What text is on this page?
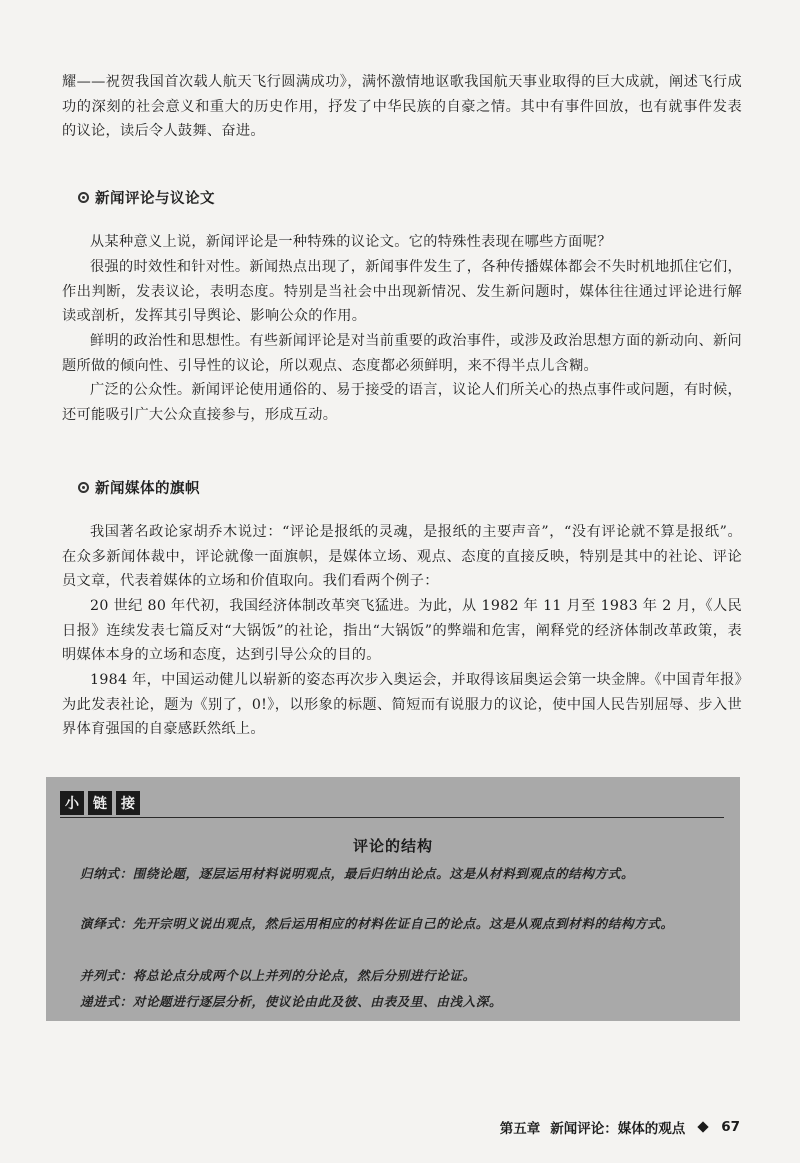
耀——祝贺我国首次载人航天飞行圆满成功》，满怀激情地讴歌我国航天事业取得的巨大成就，阐述飞行成功的深刻的社会意义和重大的历史作用，抒发了中华民族的自豪之情。其中有事件回放，也有就事件发表的议论，读后令人鼓舞、奋进。

新闻评论与议论文

从某种意义上说，新闻评论是一种特殊的议论文。它的特殊性表现在哪些方面呢？

很强的时效性和针对性。新闻热点出现了，新闻事件发生了，各种传播媒体都会不失时机地抓住它们，作出判断，发表议论，表明态度。特别是当社会中出现新情况、发生新问题时，媒体往往通过评论进行解读或剖析，发挥其引导舆论、影响公众的作用。

鲜明的政治性和思想性。有些新闻评论是对当前重要的政治事件，或涉及政治思想方面的新动向、新问题所做的倾向性、引导性的议论，所以观点、态度都必须鲜明，来不得半点儿含糊。

广泛的公众性。新闻评论使用通俗的、易于接受的语言，议论人们所关心的热点事件或问题，有时候，还可能吸引广大公众直接参与，形成互动。

新闻媒体的旗帜

我国著名政论家胡乔木说过：“评论是报纸的灵魂，是报纸的主要声音”，“没有评论就不算是报纸”。在众多新闻体裁中，评论就像一面旗帜，是媒体立场、观点、态度的直接反映，特别是其中的社论、评论员文章，代表着媒体的立场和价值取向。我们看两个例子：

20 世纪 80 年代初，我国经济体制改革突飞猛进。为此，从 1982 年 11 月至 1983 年 2 月，《人民日报》连续发表七篇反对“大锅饭”的社论，指出“大锅饭”的弊端和危害，阐释党的经济体制改革政策，表明媒体本身的立场和态度，达到引导公众的目的。

1984 年，中国运动健儿以崭新的姿态再次步入奥运会，并取得该届奥运会第一块金牌。《中国青年报》为此发表社论，题为《别了，0!》，以形象的标题、简短而有说服力的议论，使中国人民告别屈辱、步入世界体育强国的自豪感跃然纸上。

小	链	接
评论的结构

归纳式：围绕论题，逐层运用材料说明观点，最后归纳出论点。这是从材料到观点的结构方式。

演绎式：先开宗明义说出观点，然后运用相应的材料佐证自己的论点。这是从观点到材料的结构方式。

并列式：将总论点分成两个以上并列的分论点，然后分别进行论证。

递进式：对论题进行逐层分析，使议论由此及彼、由表及里、由浅入深。

第五章 新闻评论：媒体的观点	67
